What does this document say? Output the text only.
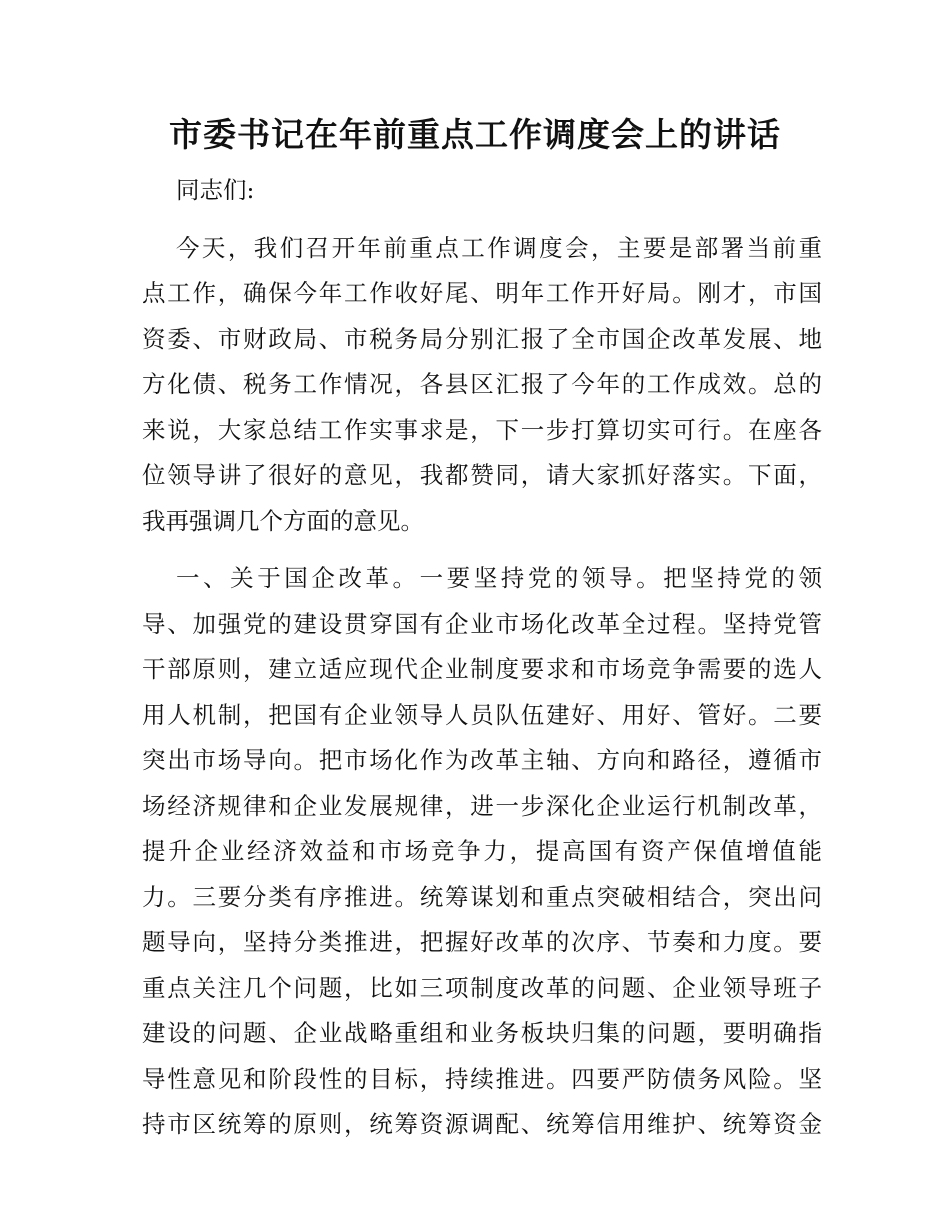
市委书记在年前重点工作调度会上的讲话
同志们:
今天，我们召开年前重点工作调度会，主要是部署当前重
点工作，确保今年工作收好尾、明年工作开好局。刚才，市国
资委、市财政局、市税务局分别汇报了全市国企改革发展、地
方化债、税务工作情况，各县区汇报了今年的工作成效。总的
来说，大家总结工作实事求是，下一步打算切实可行。在座各
位领导讲了很好的意见，我都赞同，请大家抓好落实。下面，
我再强调几个方面的意见。
一、关于国企改革。一要坚持党的领导。把坚持党的领
导、加强党的建设贯穿国有企业市场化改革全过程。坚持党管
干部原则，建立适应现代企业制度要求和市场竞争需要的选人
用人机制，把国有企业领导人员队伍建好、用好、管好。二要
突出市场导向。把市场化作为改革主轴、方向和路径，遵循市
场经济规律和企业发展规律，进一步深化企业运行机制改革，
提升企业经济效益和市场竞争力，提高国有资产保值增值能
力。三要分类有序推进。统筹谋划和重点突破相结合，突出问
题导向，坚持分类推进，把握好改革的次序、节奏和力度。要
重点关注几个问题，比如三项制度改革的问题、企业领导班子
建设的问题、企业战略重组和业务板块归集的问题，要明确指
导性意见和阶段性的目标，持续推进。四要严防债务风险。坚
持市区统筹的原则，统筹资源调配、统筹信用维护、统筹资金
